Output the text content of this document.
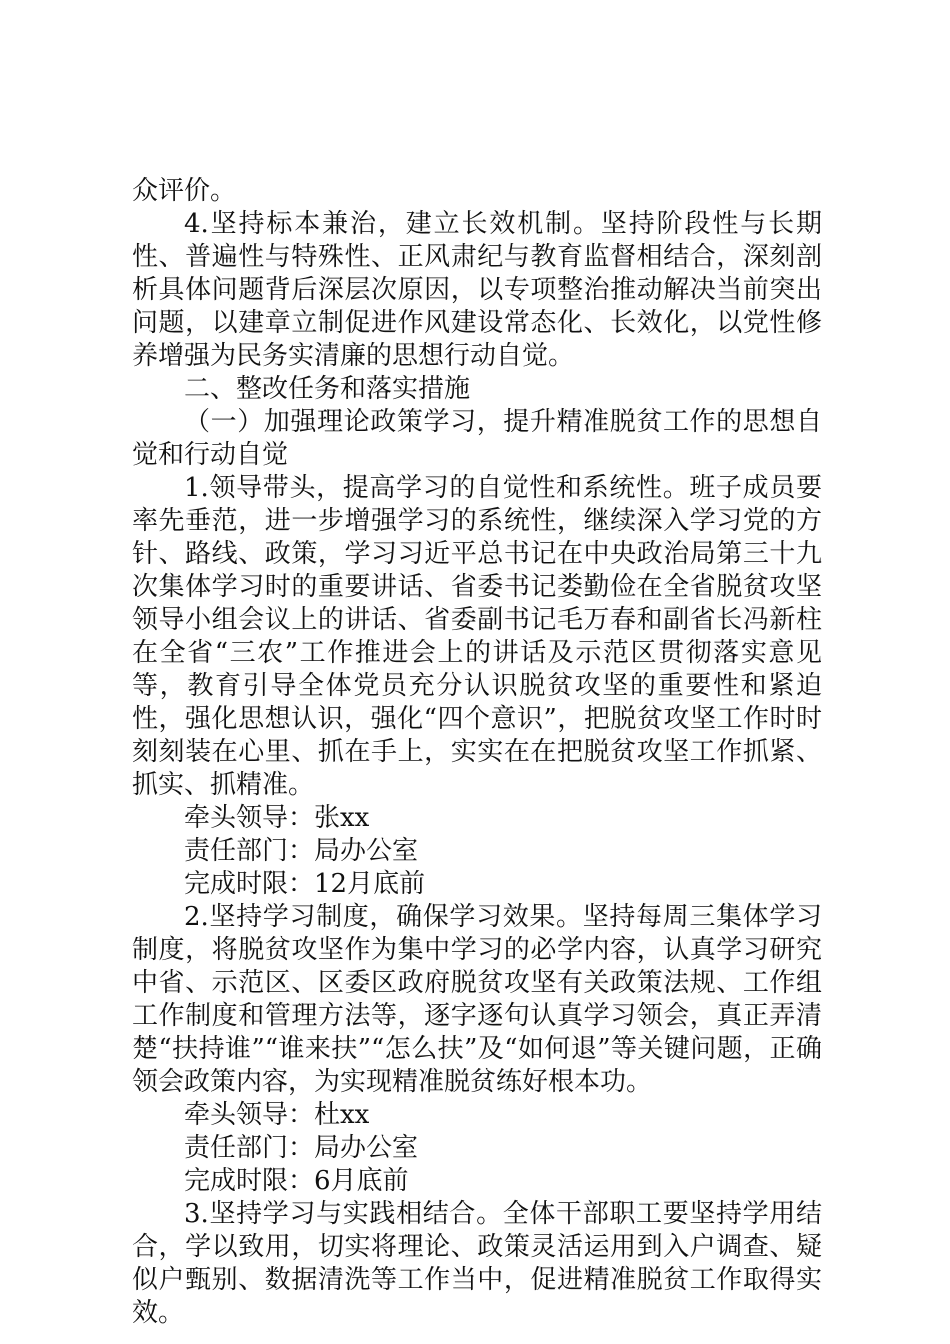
众评价。

4.坚持标本兼治，建立长效机制。坚持阶段性与长期性、普遍性与特殊性、正风肃纪与教育监督相结合，深刻剖析具体问题背后深层次原因，以专项整治推动解决当前突出问题，以建章立制促进作风建设常态化、长效化，以党性修养增强为民务实清廉的思想行动自觉。

二、整改任务和落实措施

（一）加强理论政策学习，提升精准脱贫工作的思想自觉和行动自觉

1.领导带头，提高学习的自觉性和系统性。班子成员要率先垂范，进一步增强学习的系统性，继续深入学习党的方针、路线、政策，学习习近平总书记在中央政治局第三十九次集体学习时的重要讲话、省委书记娄勤俭在全省脱贫攻坚领导小组会议上的讲话、省委副书记毛万春和副省长冯新柱在全省“三农”工作推进会上的讲话及示范区贯彻落实意见等，教育引导全体党员充分认识脱贫攻坚的重要性和紧迫性，强化思想认识，强化“四个意识”，把脱贫攻坚工作时时刻刻装在心里、抓在手上，实实在在把脱贫攻坚工作抓紧、抓实、抓精准。

牵头领导：张xx

责任部门：局办公室

完成时限：12月底前

2.坚持学习制度，确保学习效果。坚持每周三集体学习制度，将脱贫攻坚作为集中学习的必学内容，认真学习研究中省、示范区、区委区政府脱贫攻坚有关政策法规、工作组工作制度和管理方法等，逐字逐句认真学习领会，真正弄清楚“扶持谁”“谁来扶”“怎么扶”及“如何退”等关键问题，正确领会政策内容，为实现精准脱贫练好根本功。

牵头领导：杜xx

责任部门：局办公室

完成时限：6月底前

3.坚持学习与实践相结合。全体干部职工要坚持学用结合，学以致用，切实将理论、政策灵活运用到入户调查、疑似户甄别、数据清洗等工作当中，促进精准脱贫工作取得实效。
